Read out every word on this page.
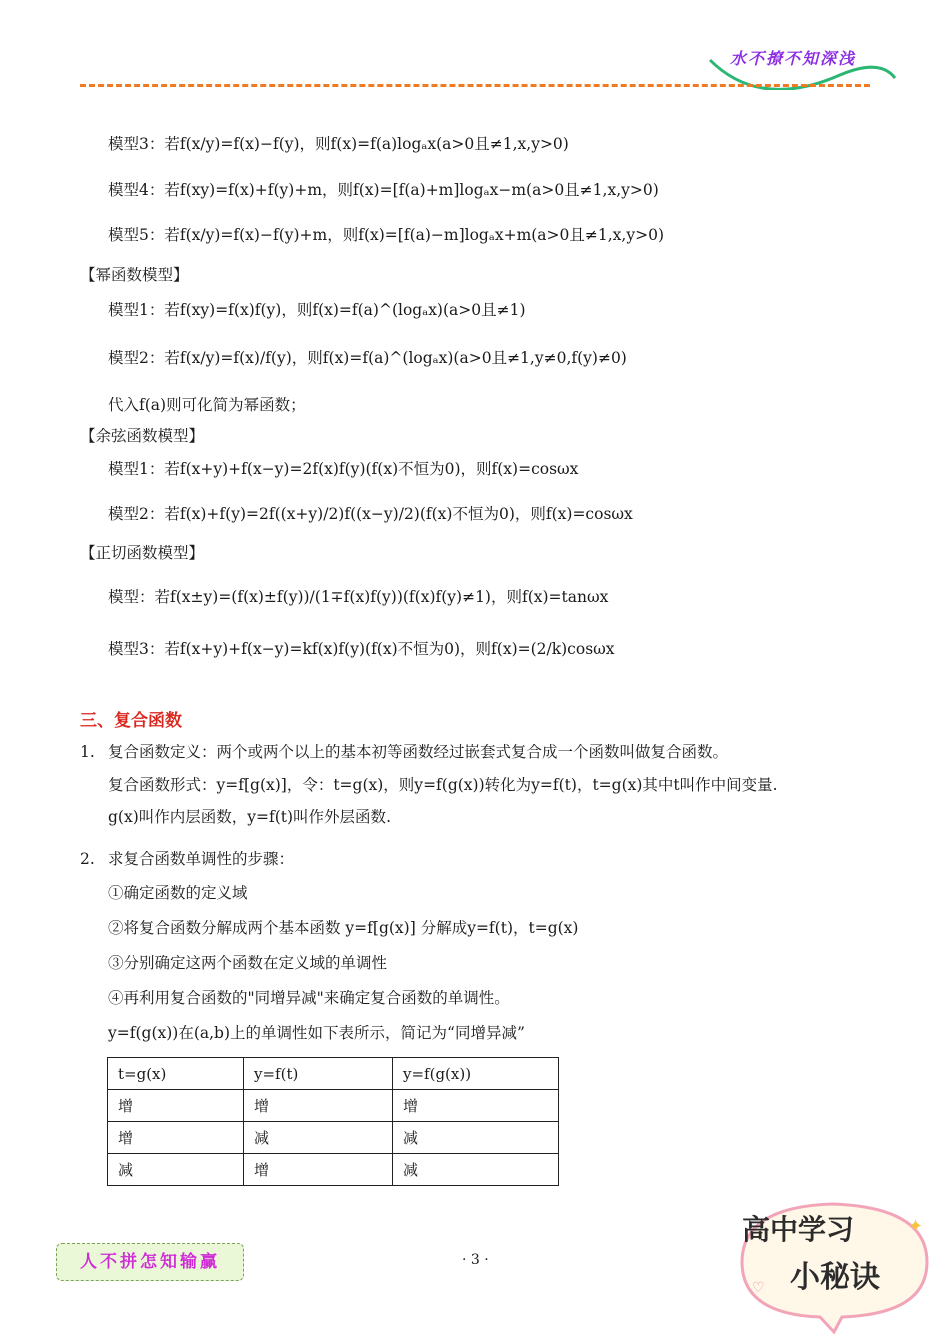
水不撩不知深浅
模型3：若f(x/y)=f(x)−f(y)，则f(x)=f(a)logₐx(a>0且≠1,x,y>0)
模型4：若f(xy)=f(x)+f(y)+m，则f(x)=[f(a)+m]logₐx−m(a>0且≠1,x,y>0)
模型5：若f(x/y)=f(x)−f(y)+m，则f(x)=[f(a)−m]logₐx+m(a>0且≠1,x,y>0)
【幂函数模型】
模型1：若f(xy)=f(x)f(y)，则f(x)=f(a)^(logₐx)(a>0且≠1)
模型2：若f(x/y)=f(x)/f(y)，则f(x)=f(a)^(logₐx)(a>0且≠1,y≠0,f(y)≠0)
代入f(a)则可化简为幂函数；
【余弦函数模型】
模型1：若f(x+y)+f(x−y)=2f(x)f(y)(f(x)不恒为0)，则f(x)=cosωx
模型2：若f(x)+f(y)=2f((x+y)/2)f((x−y)/2)(f(x)不恒为0)，则f(x)=cosωx
【正切函数模型】
模型：若f(x±y)=(f(x)±f(y))/(1∓f(x)f(y))(f(x)f(y)≠1)，则f(x)=tanωx
模型3：若f(x+y)+f(x−y)=kf(x)f(y)(f(x)不恒为0)，则f(x)=(2/k)cosωx
三、复合函数
1. 复合函数定义：两个或两个以上的基本初等函数经过嵌套式复合成一个函数叫做复合函数。
复合函数形式：y=f[g(x)]，令：t=g(x)，则y=f(g(x))转化为y=f(t)，t=g(x)其中t叫作中间变量.
g(x)叫作内层函数，y=f(t)叫作外层函数.
2. 求复合函数单调性的步骤：
①确定函数的定义域
②将复合函数分解成两个基本函数 y=f[g(x)] 分解成y=f(t)，t=g(x)
③分别确定这两个函数在定义域的单调性
④再利用复合函数的"同增异减"来确定复合函数的单调性。
y=f(g(x))在(a,b)上的单调性如下表所示，简记为“同增异减”
t=g(x)	y=f(t)	y=f(g(x))
增	增	增
增	减	减
减	增	减
人不拼怎知输赢	· 3 ·
✦
♡
高中学习
小秘诀
